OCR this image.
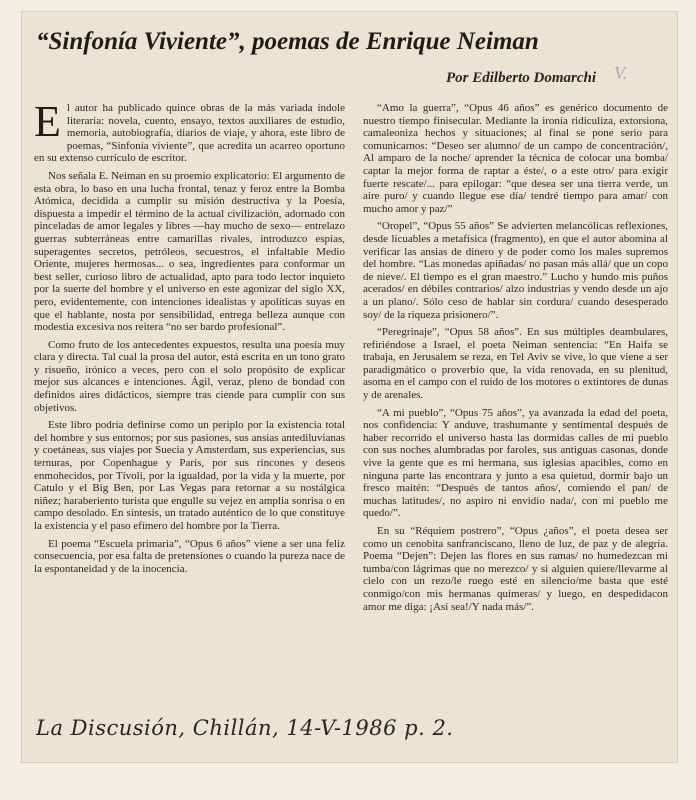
“Sinfonía Viviente”, poemas de Enrique Neiman
Por Edilberto Domarchi V.

El autor ha publicado quince obras de la más variada índole literaria: novela, cuento, ensayo, textos auxiliares de estudio, memoria, autobiografía, diarios de viaje, y ahora, este libro de poemas, “Sinfonía viviente”, que acredita un acarreo oportuno en su extenso currículo de escritor.

Nos señala E. Neiman en su proemio explicatorio: El argumento de esta obra, lo baso en una lucha frontal, tenaz y feroz entre la Bomba Atómica, decidida a cumplir su misión destructiva y la Poesía, dispuesta a impedir el término de la actual civilización, adornado con pinceladas de amor legales y libres —hay mucho de sexo— entrelazo guerras subterráneas entre camarillas rivales, introduzco espías, superagentes secretos, petróleos, secuestros, el infaltable Medio Oriente, mujeres hermosas... o sea, ingredientes para conformar un best seller, curioso libro de actualidad, apto para todo lector inquieto por la suerte del hombre y el universo en este agonizar del siglo XX, pero, evidentemente, con intenciones idealistas y apolíticas suyas en que el hablante, nosta por sensibilidad, entrega belleza aunque con modestia excesiva nos reitera “no ser bardo profesional”.

Como fruto de los antecedentes expuestos, resulta una poesía muy clara y directa. Tal cual la prosa del autor, está escrita en un tono grato y risueño, irónico a veces, pero con el solo propósito de explicar mejor sus alcances e intenciones. Ágil, veraz, pleno de bondad con definidos aires didácticos, siempre tras ciende para cumplir con sus objetivos.

Este libro podría definirse como un periplo por la existencia total del hombre y sus entornos; por sus pasiones, sus ansias antediluvianas y coetáneas, sus viajes por Suecia y Amsterdam, sus experiencias, sus ternuras, por Copenhague y París, por sus rincones y deseos enmohecidos, por Tívoli, por la igualdad, por la vida y la muerte, por Catulo y el Big Ben, por Las Vegas para retornar a su nostálgica niñez; haraberiento turista que engulle su vejez en amplia sonrisa o en campo desolado. En síntesis, un tratado auténtico de lo que constituye la existencia y el paso efímero del hombre por la Tierra.

El poema “Escuela primaria”, “Opus 6 años” viene a ser una feliz consecuencia, por esa falta de pretensiones o cuando la pureza nace de la espontaneidad y de la inocencia.

“Amo la guerra”, “Opus 46 años” es genérico documento de nuestro tiempo finisecular. Mediante la ironía ridiculiza, extorsiona, camaleoniza hechos y situaciones; al final se pone serio para comunicarnos: “Deseo ser alumno/ de un campo de concentración/, Al amparo de la noche/ aprender la técnica de colocar una bomba/ captar la mejor forma de raptar a éste/, o a este otro/ para exigir fuerte rescate/... para epilogar: “que desea ser una tierra verde, un aire puro/ y cuando llegue ese día/ tendré tiempo para amar/ con mucho amor y paz/”

“Oropel”, “Opus 55 años” Se advierten melancólicas reflexiones, desde lícuables a metafísica (fragmento), en que el autor abomina al verificar las ansias de dinero y de poder como los males supremos del hombre. “Las monedas apiñadas/ no pasan más allá/ que un copo de nieve/. El tiempo es el gran maestro.” Lucho y hundo mis puños acerados/ en débiles contrarios/ alzo industrias y vendo desde un ajo a un plano/. Sólo ceso de hablar sin cordura/ cuando desesperado soy/ de la riqueza prisionero/”.

“Peregrinaje”, “Opus 58 años”. En sus múltiples deambulares, refiriéndose a Israel, el poeta Neiman sentencia: “En Haifa se trabaja, en Jerusalem se reza, en Tel Aviv se vive, lo que viene a ser paradigmático o proverbio que, la vida renovada, en su plenitud, asoma en el campo con el ruido de los motores o extintores de dunas y de arenales.

“A mi pueblo”, “Opus 75 años”, ya avanzada la edad del poeta, nos confidencia: Y anduve, trashumante y sentimental después de haber recorrido el universo hasta las dormidas calles de mi pueblo con sus noches alumbradas por faroles, sus antiguas casonas, donde vive la gente que es mi hermana, sus iglesias apacibles, como en ninguna parte las encontrara y junto a esa quietud, dormir bajo un fresco maitén: “Después de tantos años/, comiendo el pan/ de muchas latitudes/, no aspiro ni envidio nada/, con mi pueblo me quedo/”.

En su “Réquiem postrero”, “Opus ¿años”, el poeta desea ser como un cenobita sanfranciscano, lleno de luz, de paz y de alegría. Poema “Dejen”: Dejen las flores en sus ramas/ no humedezcan mi tumba/con lágrimas que no merezco/ y si alguien quiere/llevarme al cielo con un rezo/le ruego esté en silencio/me basta que esté conmigo/con mis hermanas quimeras/ y luego, en despedidacon amor me diga: ¡Así sea!/Y nada más/”.

La Discusión, Chillán, 14-V-1986 p. 2.
